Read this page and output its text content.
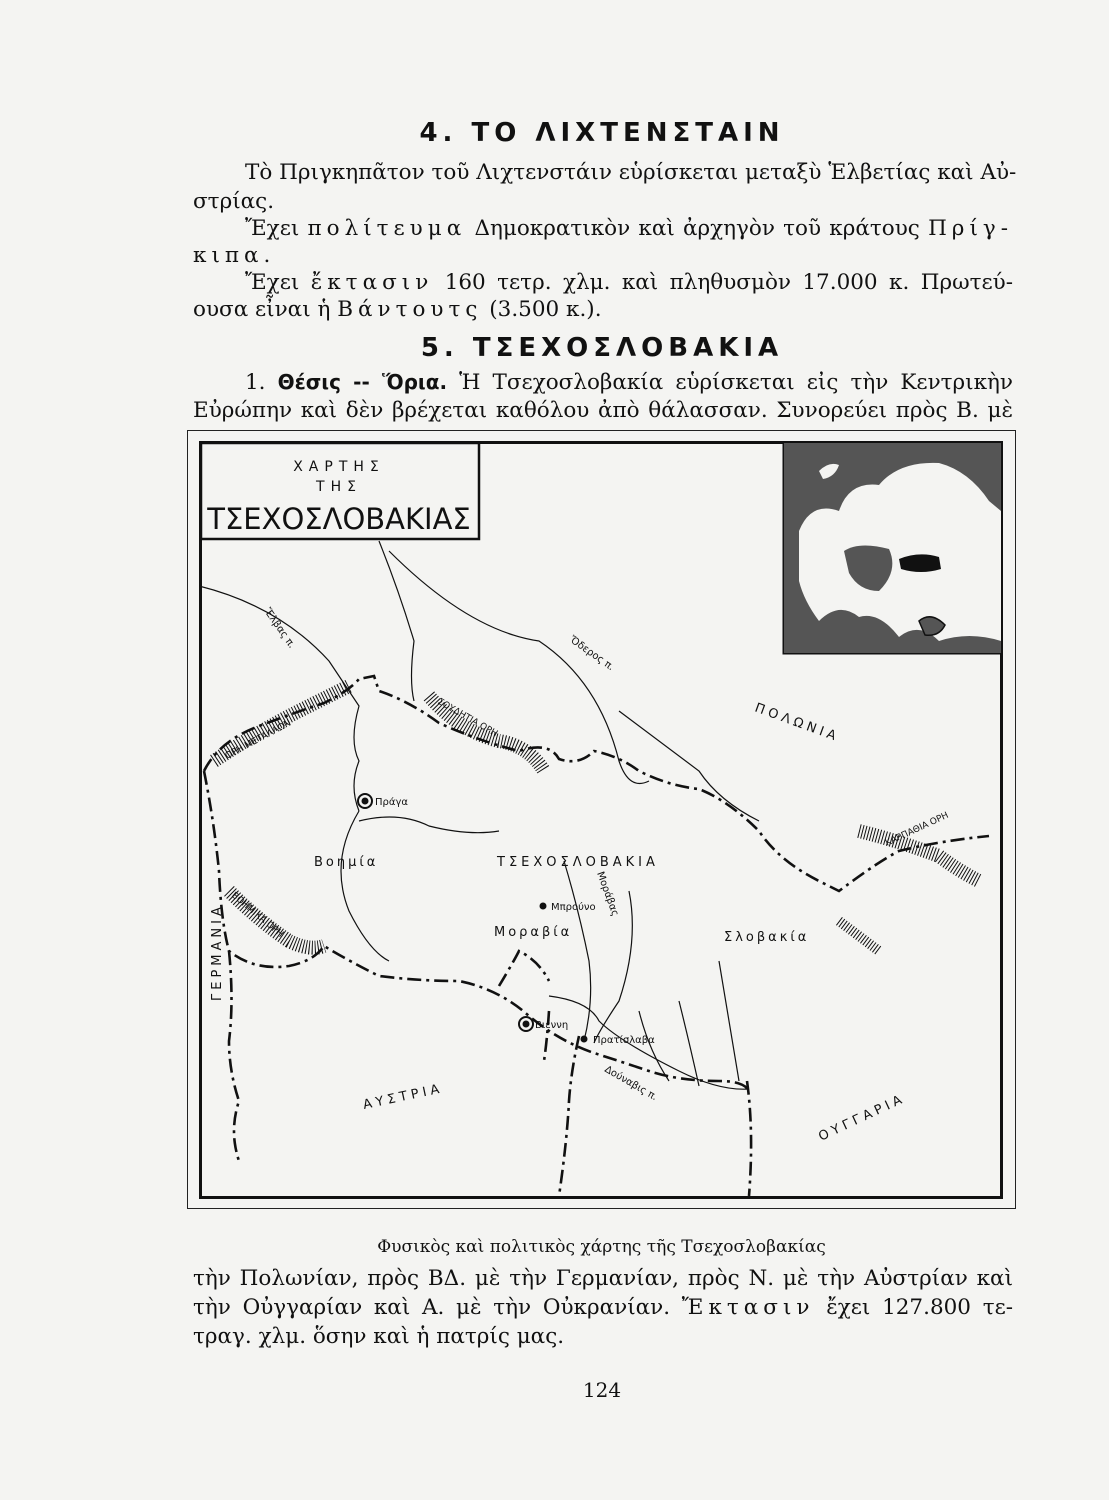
4. ΤΟ ΛΙΧΤΕΝΣΤΑΙΝ
Τὸ Πριγκηπᾶτον τοῦ Λιχτενστάιν εὑρίσκεται μεταξὺ Ἑλβετίας καὶ Αὐ-
στρίας.
Ἔχει πολίτευμα Δημοκρατικὸν καὶ ἀρχηγὸν τοῦ κράτους Πρίγ-
κιπα.
Ἔχει ἔκτασιν 160 τετρ. χλμ. καὶ πληθυσμὸν 17.000 κ. Πρωτεύ-
ουσα εἶναι ἡ Βάντουτς (3.500 κ.).
5. ΤΣΕΧΟΣΛΟΒΑΚΙΑ
1. Θέσις -- Ὅρια. Ἡ Τσεχοσλοβακία εὑρίσκεται εἰς τὴν Κεντρικὴν
Εὐρώπην καὶ δὲν βρέχεται καθόλου ἀπὸ θάλασσαν. Συνορεύει πρὸς Β. μὲ
ΧΑΡΤΗΣ
ΤΗΣ
ΤΣΕΧΟΣΛΟΒΑΚΙΑΣ
Ἔλβας π.
Ὄδερος π.
Μοράβας
Δούναβις π.
ΟΡΗ ΜΕΤΑΛΛΩΝ
ΣΟΥΔΗΤΙΑ ΟΡΗ
ΒΟΗΜΙΚΑ ΟΡΗ
ΚΑΡΠΑΘΙΑ ΟΡΗ
ΠΟΛΩΝΙΑ
ΓΕΡΜΑΝΙΑ
ΑΥΣΤΡΙΑ	ΟΥΓΓΑΡΙΑ
ΤΣΕΧΟΣΛΟΒΑΚΙΑ
Βοημία
Μοραβία	Σλοβακία
Πράγα
Μπρούνο
Βιέννη
Πρατίσλαβα
Φυσικὸς καὶ πολιτικὸς χάρτης τῆς Τσεχοσλοβακίας
τὴν Πολωνίαν, πρὸς ΒΔ. μὲ τὴν Γερμανίαν, πρὸς Ν. μὲ τὴν Αὐστρίαν καὶ
τὴν Οὐγγαρίαν καὶ Α. μὲ τὴν Οὐκρανίαν. Ἔκτασιν ἔχει 127.800 τε-
τραγ. χλμ. ὅσην καὶ ἡ πατρίς μας.
124
